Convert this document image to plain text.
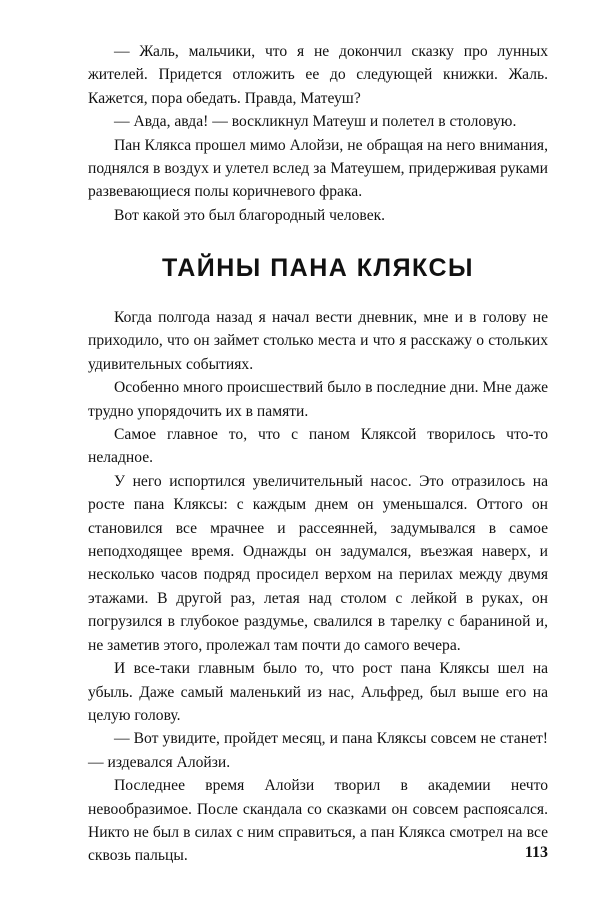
— Жаль, мальчики, что я не докончил сказку про лунных жителей. Придется отложить ее до следующей книжки. Жаль. Кажется, пора обедать. Правда, Матеуш?

— Авда, авда! — воскликнул Матеуш и полетел в столовую.

Пан Клякса прошел мимо Алойзи, не обращая на него внимания, поднялся в воздух и улетел вслед за Матеушем, придерживая руками развевающиеся полы коричневого фрака.

Вот какой это был благородный человек.

ТАЙНЫ ПАНА КЛЯКСЫ

Когда полгода назад я начал вести дневник, мне и в голову не приходило, что он займет столько места и что я расскажу о стольких удивительных событиях.

Особенно много происшествий было в последние дни. Мне даже трудно упорядочить их в памяти.

Самое главное то, что с паном Кляксой творилось что-то неладное.

У него испортился увеличительный насос. Это отразилось на росте пана Кляксы: с каждым днем он уменьшался. Оттого он становился все мрачнее и рассеянней, задумывался в самое неподходящее время. Однажды он задумался, въезжая наверх, и несколько часов подряд просидел верхом на перилах между двумя этажами. В другой раз, летая над столом с лейкой в руках, он погрузился в глубокое раздумье, свалился в тарелку с бараниной и, не заметив этого, пролежал там почти до самого вечера.

И все-таки главным было то, что рост пана Кляксы шел на убыль. Даже самый маленький из нас, Альфред, был выше его на целую голову.

— Вот увидите, пройдет месяц, и пана Кляксы совсем не станет! — издевался Алойзи.

Последнее время Алойзи творил в академии нечто невообразимое. После скандала со сказками он совсем распоясался. Никто не был в силах с ним справиться, а пан Клякса смотрел на все сквозь пальцы.	113
